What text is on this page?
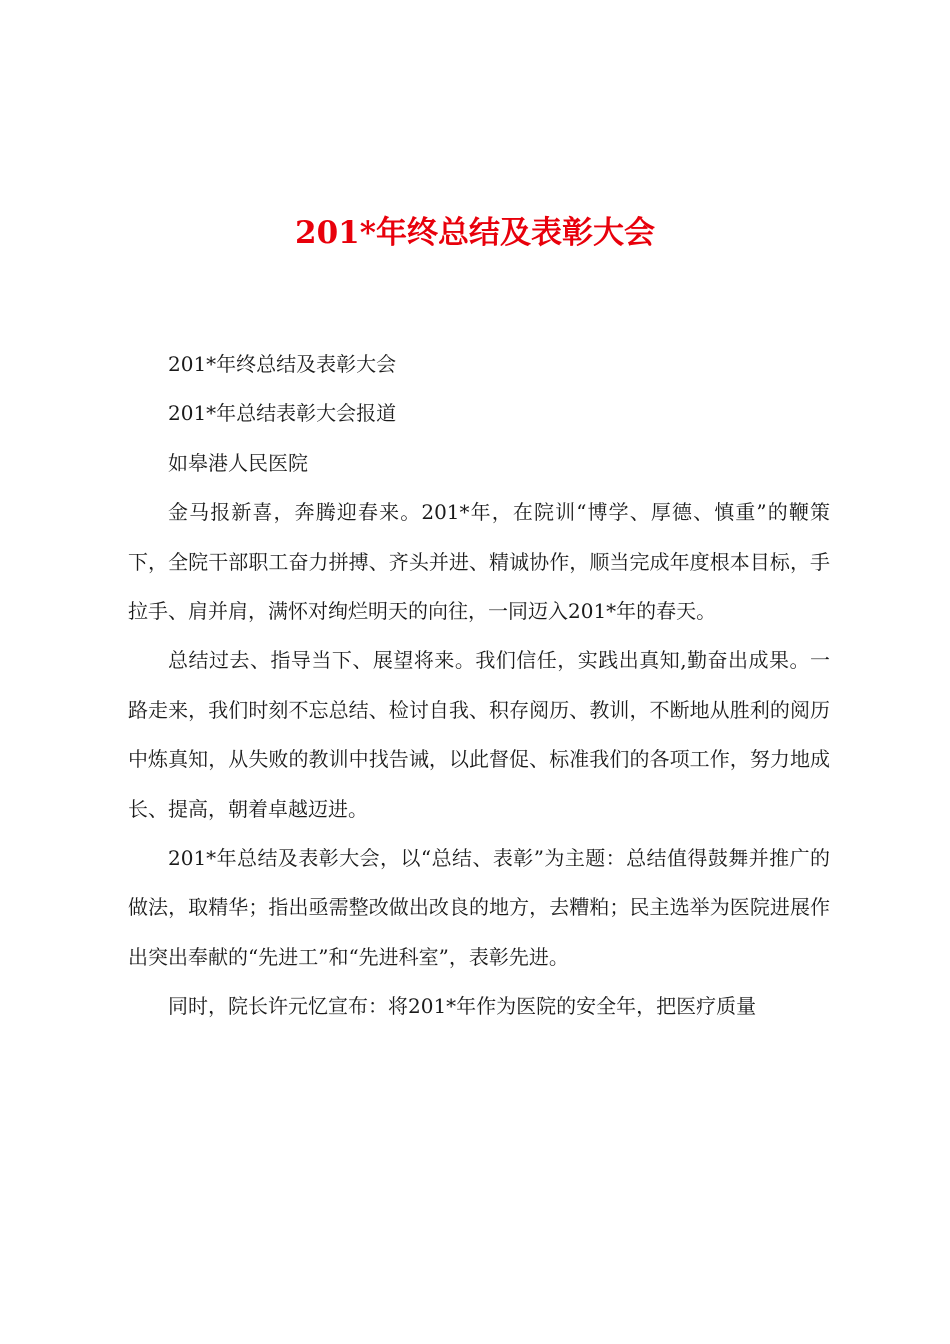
201*年终总结及表彰大会

201*年终总结及表彰大会

201*年总结表彰大会报道

如皋港人民医院

金马报新喜，奔腾迎春来。201*年，在院训“博学、厚德、慎重”的鞭策下，全院干部职工奋力拼搏、齐头并进、精诚协作，顺当完成年度根本目标，手拉手、肩并肩，满怀对绚烂明天的向往，一同迈入201*年的春天。

总结过去、指导当下、展望将来。我们信任，实践出真知,勤奋出成果。一路走来，我们时刻不忘总结、检讨自我、积存阅历、教训，不断地从胜利的阅历中炼真知，从失败的教训中找告诫，以此督促、标准我们的各项工作，努力地成长、提高，朝着卓越迈进。

201*年总结及表彰大会，以“总结、表彰”为主题：总结值得鼓舞并推广的做法，取精华；指出亟需整改做出改良的地方，去糟粕；民主选举为医院进展作出突出奉献的“先进工”和“先进科室”，表彰先进。

同时，院长许元忆宣布：将201*年作为医院的安全年，把医疗质量
